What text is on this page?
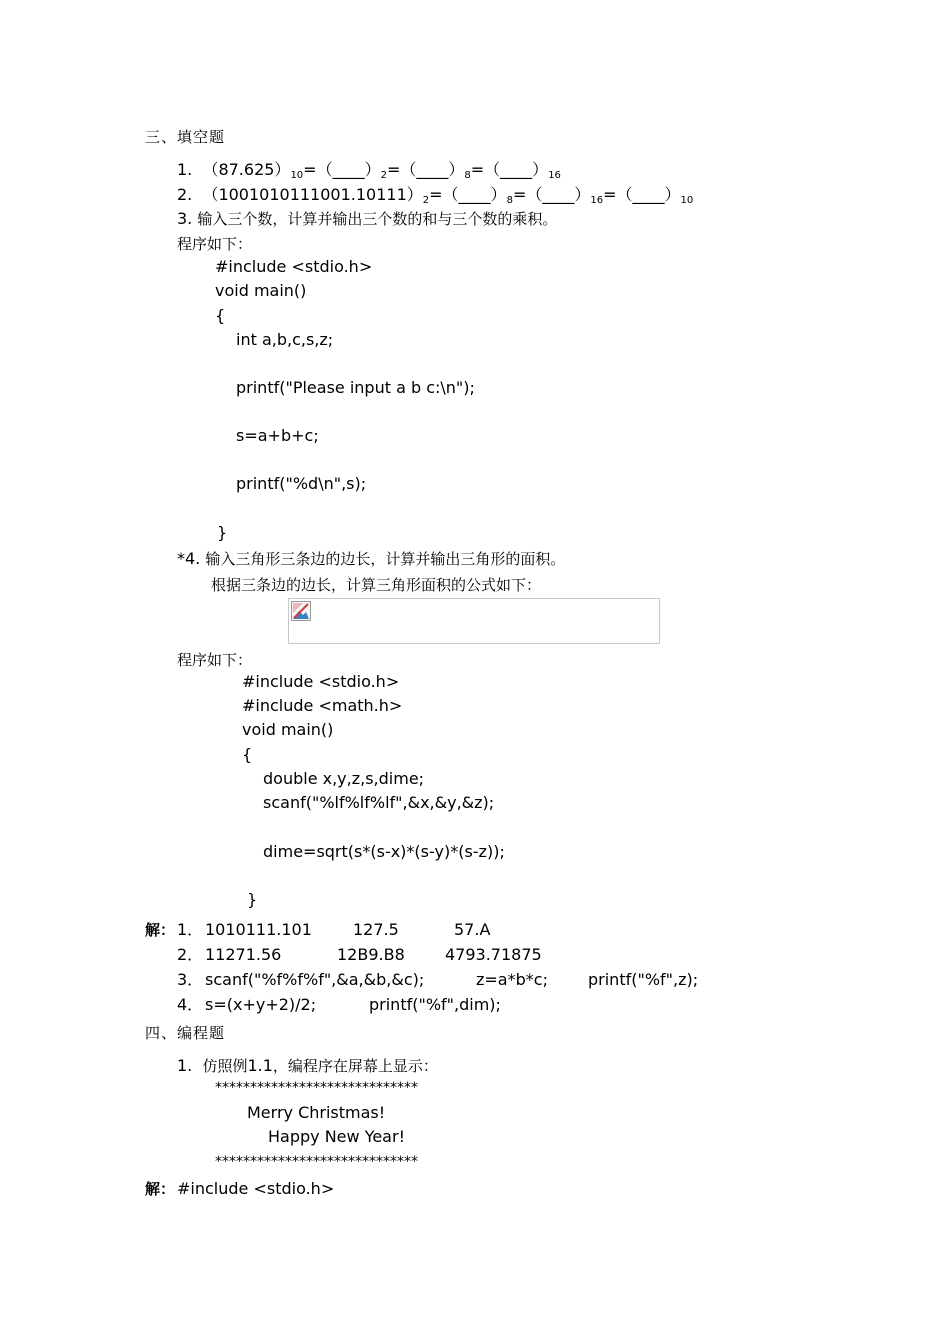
三、填空题
1. $(87.625)_{10}=(\_\_\_\_)_2=(\_\_\_\_)_8=(\_\_\_\_)_{16}$
2. $(1001010111001.10111)_2=(\_\_\_\_)_8=(\_\_\_\_)_{16}=(\_\_\_\_)_{10}$
3. 输入三个数，计算并输出三个数的和与三个数的乘积。
程序如下：
#include <stdio.h>
void main()
{
int a,b,c,s,z;
printf("Please input a b c:\n");
s=a+b+c;
printf("%d\n",s);
}
*4. 输入三角形三条边的边长，计算并输出三角形的面积。
根据三条边的边长，计算三角形面积的公式如下：
程序如下：
#include <stdio.h>
#include <math.h>
void main()
{
double x,y,z,s,dime;
scanf("%lf%lf%lf",&x,&y,&z);
dime=sqrt(s*(s-x)*(s-y)*(s-z));
}
解： 1． 1010111.101	127.5	57.A
2． 11271.56	12B9.B8	4793.71875
3． scanf("%f%f%f",&a,&b,&c);	z=a*b*c;	printf("%f",z);
4． s=(x+y+2)/2;	printf("%f",dim);
四、编程题
1. 仿照例1.1，编程序在屏幕上显示：
*****************************
Merry Christmas!
Happy New Year!
*****************************
解： #include <stdio.h>
